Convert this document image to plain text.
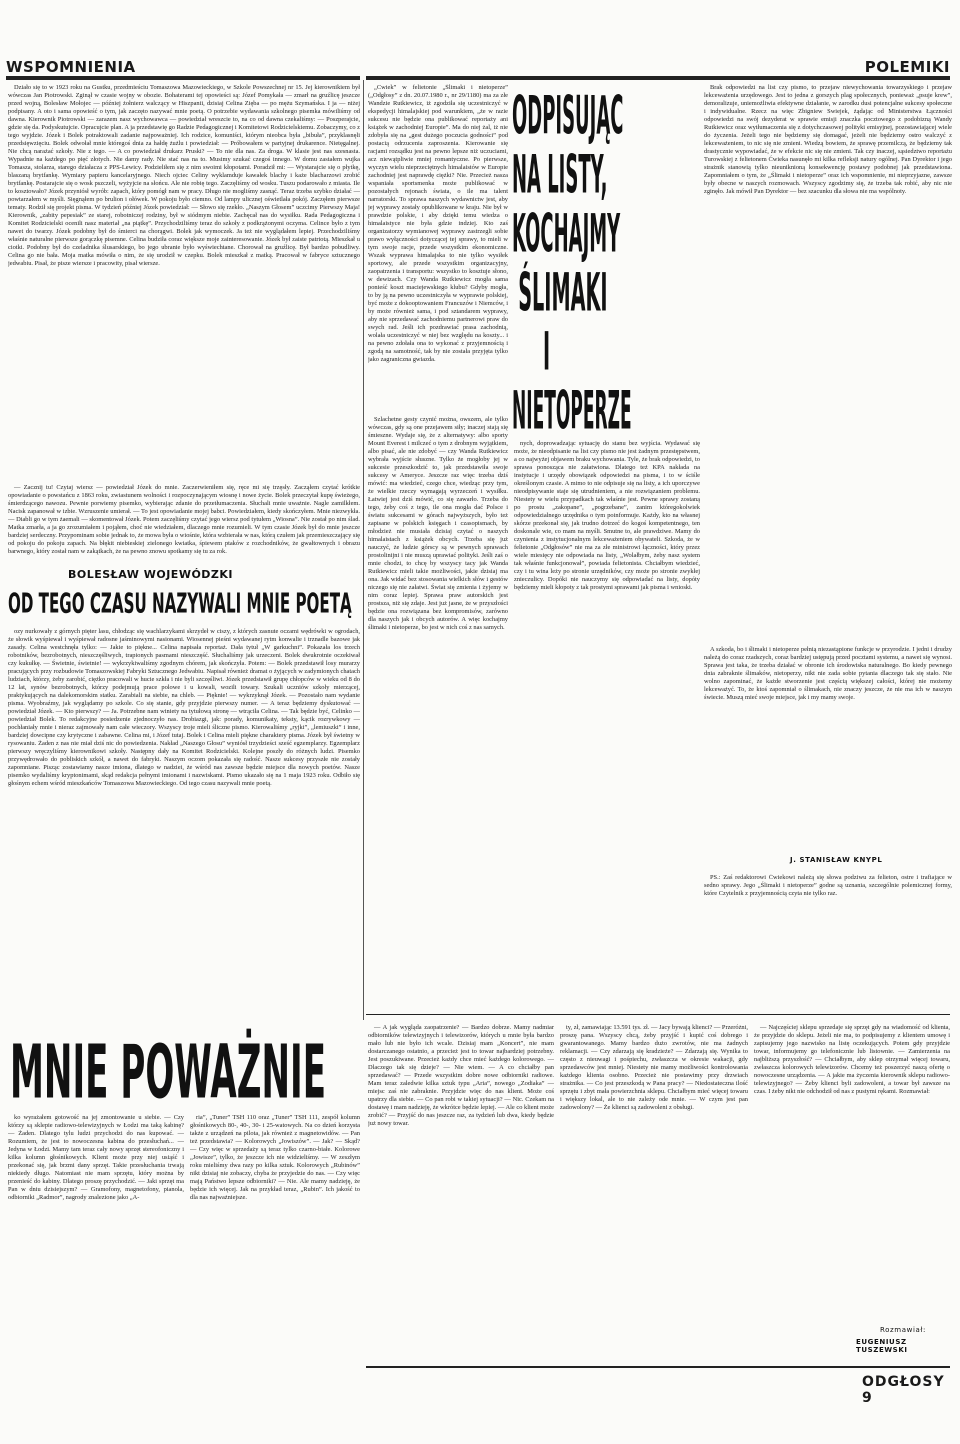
WSPOMNIENIA	POLEMIKI

Działo się to w 1923 roku na Gustku, przedmieściu Tomaszowa Mazowieckiego, w Szkole Powszechnej nr 15. Jej kierownikiem był wówczas Jan Piotrowski. Zginął w czasie wojny w obozie. Bohaterami tej opowieści są: Józef Pomykała — zmarł na gruźlicę jeszcze przed wojną, Bolesław Mołojec — później żołnierz walczący w Hiszpanii, dzisiaj Celina Zięba — po mężu Szymańska. I ja — niżej podpisany. A oto i sama opowieść o tym, jak zaczęto nazywać mnie poetą. O potrzebie wydawania szkolnego pisemka mówiliśmy od dawna. Kierownik Piotrowski — zarazem nasz wychowawca — powiedział wreszcie to, na co od dawna czekaliśmy: — Poszperajcie, gdzie się da. Podyskutujcie. Opracujcie plan. A ja przedstawię go Radzie Pedagogicznej i Komitetowi Rodzicielskiemu. Zobaczymy, co z tego wyjdzie. Józek i Bolek potraktowali zadanie najpoważniej. Ich rodzice, komuniści, którym nieobca była „bibuła”, przyklasnęli przedsięwzięciu. Bolek odwołał mnie któregoś dnia za hałdę żużlu i powiedział: — Próbowałem w partyjnej drukarence. Nietęgalnej. Nie chcą narażać szkoły. Nie z tego. — A co powiedział drukarz Pruski? — To nie dla nas. Za droga. W klasie jest nas szesnasta. Wypadnie na każdego po pięć złotych. Nie damy rady. Nie stać nas na to. Musimy szukać czegoś innego. W domu zastałem wujka Tomasza, stolarza, starego działacza z PPS-Lewicy. Podzieliłem się z nim swoimi kłopotami. Poradził mi: — Wystarajcie się o płytkę, blaszaną brytfankę. Wymiary papieru kancelaryjnego. Niech ojciec Celiny wyklamduje kawałek blachy i każe blacharzowi zrobić brytfankę. Postarajcie się o wosk pszczeli, wyżyjcie na słońcu. Ale nie robię tego. Zaczęliśmy od wosku. Tuszu podarowało z miasta. Ile to kosztowało? Józek przyniósł wyrób: zapach, który pomógł nam w pracy. Długo nie mogliśmy zasnąć. Teraz trzeba szybko działać — powtarzałem w myśli. Sięgnąłem po brulion i ołówek. W pokoju było ciemno. Od lampy ulicznej oświetlała pokój. Zaczęłem pierwsze tematy. Rodził się projekt pisma. W tydzień później Józek powiedział: — Słowo się rzekło. „Naszym Głosem” uczcimy Pierwszy Maja! Kierownik, „zabity pepesiak” ze starej, robotniczej rodziny, był w siódmym niebie. Zachęcał nas do wysiłku. Rada Pedagogiczna i Komitet Rodzicielski ocenili nasz materiał „na piątkę”. Przychodziliśmy teraz do szkoły z podkrążonymi oczyma. Celince było z tym nawet do twarzy. Józek podobny był do śmierci na chorągwi. Bolek jak wymoczek. Ja też nie wyglądałem lepiej. Przechodziliśmy właśnie naturalne pierwsze gorączkę pisemne. Celina budziła coraz większe moje zainteresowanie. Józek był zaiste patriotą. Mieszkał u ciotki. Podobny był do czeladnika ślusarskiego, bo jego ubranie było wyświechtane. Chorował na gruźlicę. Był bardzo pobudliwy. Celina go nie bała. Moja matka mówiła o nim, że się urodził w czepku. Bolek mieszkał z matką. Pracował w fabryce sztucznego jedwabiu. Pisał, że pisze wiersze i pracowity, pisał wiersze.

— Zacznij tu! Czytaj wiersz — powiedział Józek do mnie. Zaczerwieniłem się, ręce mi się trzęsły. Zacząłem czytać krótkie opowiadanie o powstańcu z 1863 roku, zwiastunem wolności i rozpoczynającym wiosnę i nowe życie. Bolek przeczytał kupę świeżego, śmierdzącego nawozu. Pewnie porwiemy pisemko, wybierając zdanie do przetłumaczenia. Słuchali mnie uważnie. Nagle zamilkłem. Nacisk zapanował w izbie. Wzruszenie umierał. — To jest opowiadanie mojej babci. Powiedziałem, kiedy skończyłem. Mnie niezwykła. — Diabli go w tym żaemali — skomentował Józek. Potem zaczęliśmy czytać jego wiersz pod tytułem „Wiosna”. Nie został po nim ślad. Matka zmarła, a ja go zrozumiałem i pojąłem, choć nie wiedziałem, dlaczego mnie rozumieli. W tym czasie Józek był do mnie jeszcze bardziej serdeczny. Przypominam sobie jednak to, że mowa była o wiośnie, która wzbierała w nas, którą czułem jak przemieszczający się od pokoju do pokoju zapach. Na błękit niebieskiej zielonego kwiatka, śpiewem ptaków z rozchodników, że gwałtownych i obrazu barwnego, który został nam w zakątkach, że na pewno znowu spotkamy się tu za rok.

BOLESŁAW WOJEWÓDZKI
OD TEGO CZASU NAZYWALI MNIE POETĄ

ozy nurkowały z górnych pięter lasu, chłodząc się wachlarzykami skrzydeł w ciszy, z których zasnute oczami wędrówki w ogrodach, że słowik wyśpiewał i wyśpiewał radosne jaśminowymi nasionami. Wiosennej pieśni wydawanej rytm konwalie i trznadle bazowe jak zasady. Celina westchnęła tylko: — Jakie to piękne... Celina napisała reportaż. Dała tytuł „W garkuchni”. Pokazała los trzech robotników, bezrobotnych, nieszczęśliwych, trapionych pasmami nieszczęść. Słuchaliśmy jak urzeczeni. Bolek dwukrotnie oczekiwał czy kukułkę. — Świetnie, świetnie! — wykrzykiwaliśmy zgodnym chórem, jak skończyła. Potem: — Bolek przedstawił losy murarzy pracujących przy rozbudowie Tomaszowskiej Fabryki Sztucznego Jedwabiu. Napisał również dramat o żyjących w zadymionych chatach ludziach, którzy, żeby zarobić, ciężko pracowali w hucie szkła i nie byli szczęśliwi. Józek przedstawił grupę chłopców w wieku od 8 do 12 lat, synów bezrobotnych, którzy podejmują prace polowe i u kowali, wozili towary. Szukali uczniów szkoły mierzącej, praktykujących na dalekomorskim statku. Zarabiali na siebie, na chleb. — Pięknie! — wykrzyknął Józek. — Pozostało nam wydanie pisma. Wyobraźmy, jak wyglądamy po szkole. Co się stanie, gdy przyjdzie pierwszy numer. — A teraz będziemy dyskutować — powiedział Józek. — Kto pierwszy? — Ja. Potrzebne nam winiety na tytułową stronę — wtrąciła Celina. — Tak będzie być, Celinko — powiedział Bolek. To redakcyjne posiedzenie zjednoczyło nas. Drobiazgi, jak: porady, komunikaty, teksty, kącik rozrywkowy — pochłaniały mnie i nieraz zajmowały nam całe wieczory. Wszyscy troje mieli śliczne pismo. Kierowaliśmy „ryjki”, „lemiuszki” i inne, bardziej dowcipne czy krytyczne i zabawne. Celina mi, i Józef tutaj. Bolek i Celina mieli piękne charaktery pisma. Józek był świetny w rysowaniu. Żaden z nas nie miał dziś nic do powiedzenia. Nakład „Naszego Głosu” wyniósł trzydzieści sześć egzemplarzy. Egzemplarz pierwszy wręczyliśmy kierownikowi szkoły. Następny dały na Komitet Rodzicielski. Kolejne poszły do różnych ludzi. Pisemko przywędrowało do pobliskich szkół, a nawet do fabryki. Naszym oczom pokazała się radość. Nasze sukcesy przyszłe nie zostały zapomniane. Pisząc zostawiamy nasze imiona, dlatego w nadziei, że wśród nas zawsze będzie miejsce dla nowych poetów. Nasze pisemko wydaliśmy kryptonimami, skąd redakcja pełnymi imionami i nazwiskami. Pismo ukazało się na 1 maja 1923 roku. Odbiło się głośnym echem wśród mieszkańców Tomaszowa Mazowieckiego. Od tego czasu nazywali mnie poetą.

„Cwiek” w felietonie „Ślimaki i nietoperze” („Odgłosy” z dn. 20.07.1980 r., nr 29/1180) ma za złe Wandzie Rutkiewicz, iż zgodziła się uczestniczyć w ekspedycji himalajskiej pod warunkiem, „że w razie sukcesu nie będzie ona publikować reportaży ani książek w zachodniej Europie”. Ma do niej żal, iż nie zdobyła się na „gest dużego poczucia godności” pod postacią odrzucenia zaproszenia. Kierowanie się racjami rozsądku jest na pewno lepsze niż uczuciami, acz niewątpliwie mniej romantyczne. Po pierwsze, wyczyn wielu nieprzeciętnych himalaistów w Europie zachodniej jest naprawdę ciężki? Nie. Przecież nasza wspaniała sportsmenka może publikować w pozostałych rejonach świata, o ile ma talent narratorski. To sprawa naszych wydawnictw jest, aby jej wyprawy zostały opublikowane w kraju. Nie był w prawdzie polskie, i aby dzięki temu wiedza o himalaistyce nie była gdzie indziej. Kto zaś organizatorzy wymianowej wyprawy zastrzegli sobie prawo wyłączności dotyczącej tej sprawy, to mieli w tym swoje racje, przede wszystkim ekonomiczne. Wszak wyprawa himalajska to nie tylko wysiłek sportowy, ale przede wszystkim organizacyjny, zaopatrzenia i transportu: wszystko to kosztuje słono, w dewizach. Czy Wanda Rutkiewicz mogła sama ponieść koszt maciejewskiego klubu? Gdyby mogła, to by ją na pewno uczestniczyła w wyprawie polskiej, być może z dokooptowaniem Francuzów i Niemców, i by może również sama, i pod sztandarem wyprawy, aby nie sprzedawać zachodniemu partnerowi praw do swych rad. Jeśli ich pozdrawiać prasa zachodnią, wolała uczestniczyć w niej bez względu na koszty... i na pewno zdołała ona to wykonać z przyjemnością i zgodą na samotność, tak by nie została przyjęta tylko jako zagraniczna gwiazda.

ODPISUJĄC
NA LISTY,
KOCHAJMY
ŚLIMAKI
I
NIETOPERZE

Szlachetne gesty czynić można, owszem, ale tylko wówczas, gdy są one przejawem siły; inaczej stają się śmieszne. Wydaje się, że z alternatywy: albo sporty Mount Everest i milczeć o tym z drobnym wyjątkiem, albo pisać, ale nie zdobyć — czy Wanda Rutkiewicz wybrała wyjście słuszne. Tylko że mogłoby jej w sukcesie przeszkodzić to, jak przedstawiła swoje sukcesy w Ameryce. Jeszcze raz więc trzeba dziś mówić: ma wiedzieć, czego chce, wiedząc przy tym, że wielkie rzeczy wymagają wyrzeczeń i wysiłku. Łatwiej jest dziś mówić, co się zawarło. Trzeba do tego, żeby coś z tego, ile ona mogła dać Polsce i światu sukcesami w górach najwyższych, było też zapisane w polskich księgach i czasopismach, by młodzież nie musiała dzisiaj czytać o naszych himalaistach z książek obcych. Trzeba się już nauczyć, że ludzie górscy są w pewnych sprawach prostolinijni i nie muszą uprawiać polityki. Jeśli zaś o mnie chodzi, to chcę by wszyscy tacy jak Wanda Rutkiewicz mieli takie możliwości, jakie dzisiaj ma ona. Jak widać bez stosowania wielkich słów i gestów niczego się nie załatwi. Świat się zmienia i żyjemy w nim coraz lepiej. Sprawa praw autorskich jest prostsza, niż się zdaje. Jest już jasne, że w przyszłości będzie ona rozwiązana bez kompromisów, zarówno dla naszych jak i obcych autorów. A więc kochajmy ślimaki i nietoperze, bo jest w nich coś z nas samych.

nych, doprowadzając sytuację do stanu bez wyjścia. Wydawać się może, że nieodpisanie na list czy pismo nie jest żadnym przestępstwem, a co najwyżej objawem braku wychowania. Tyle, że brak odpowiedzi, to sprawa ponosząca nie załatwiona. Dlatego też KPA nakłada na instytucje i urzędy obowiązek odpowiedzi na pisma, i to w ściśle określonym czasie. A mimo to nie odpisuje się na listy, a ich uporczywe nieodpisywanie staje się utrudnieniem, a nie rozwiązaniem problemu. Niestety w wielu przypadkach tak właśnie jest. Pewne sprawy zostaną po prostu „zakopane”, „pogrzebane”, zanim któregokolwiek odpowiedzialnego urzędnika o tym poinformuje. Każdy, kto na własnej skórze przekonał się, jak trudno dotrzeć do kogoś kompetentnego, ten doskonale wie, co mam na myśli. Smutne to, ale prawdziwe. Mamy do czynienia z instytucjonalnym lekceważeniem obywateli. Szkoda, że w felietonie „Odgłosów” nie ma za złe ministrowi łączności, który przez wiele miesięcy nie odpowiada na listy, „Wolałbym, żeby nasz system tak właśnie funkcjonował”, powiada felietonista. Chciałbym wiedzieć, czy i tu wina leży po stronie urzędników, czy może po stronie zwykłej znieczulicy. Dopóki nie nauczymy się odpowiadać na listy, dopóty będziemy mieli kłopoty z tak prostymi sprawami jak pisma i wnioski.

Brak odpowiedzi na list czy pismo, to przejaw niewychowania towarzyskiego i przejaw lekceważenia urzędowego. Jest to jedna z gorszych plag społecznych, ponieważ „psuje krew”, demoralizuje, uniemożliwia efektywne działanie, w zarodku dusi potencjalne sukcesy społeczne i indywidualne. Rzecz na więc Zbigniew Swiejek, żądając od Ministerstwa Łączności odpowiedzi na swój dezyderat w sprawie emisji znaczka pocztowego z podobizną Wandy Rutkiewicz oraz wytłumaczenia się z dotychczasowej polityki emisyjnej, pozostawiającej wiele do życzenia. Jeżeli tego nie będziemy się domagać, jeżeli nie będziemy ostro walczyć z lekceważeniem, to nic się nie zmieni. Wiedzą bowiem, że sprawę przemilczą, że będziemy tak drastycznie wypowiadać, że w efekcie nic się nie zmieni. Tak czy inaczej, sąsiedztwo reportażu Turowskiej z felietonem Ćwieka nasunęło mi kilka refleksji natury ogólnej. Pan Dyrektor i jego strażnik stanowią tylko nieuniknioną konsekwencję postawy podobnej jak przedstawiona. Zapomniałem o tym, że „Ślimaki i nietoperze” oraz ich wspomnienie, mi nieprzyjazne, zawsze były obecne w naszych rozmowach. Wszyscy zgodzimy się, że trzeba tak robić, aby nic nie zginęło. Jak mówił Pan Dyrektor — bez szacunku dla słowa nie ma wspólnoty.

A szkoda, bo i ślimaki i nietoperze pełnią niezastąpione funkcje w przyrodzie. I jedni i drudzy należą do coraz rzadszych, coraz bardziej ustępują przed pocztami systemu, a nawet się wynosi. Sprawa jest taka, że trzeba działać w obronie ich środowiska naturalnego. Bo kiedy pewnego dnia zabraknie ślimaków, nietoperzy, nikt nie zada sobie pytania dlaczego tak się stało. Nie wolno zapominać, że każde stworzenie jest częścią większej całości, której nie możemy lekceważyć. To, że ktoś zapomniał o ślimakach, nie znaczy jeszcze, że nie ma ich w naszym świecie. Muszą mieć swoje miejsce, jak i my mamy swoje.

J. STANISŁAW KNYPL

PS.: Zaś redaktorowi Ćwiekowi należą się słowa podziwu za felieton, ostre i trafiające w sedno sprawy. Jego „Ślimaki i nietoperze” godne są uznania, szczególnie polemicznej formy, które Czytelnik z przyjemnością czyta nie tylko raz.

MNIE POWAŻNIE

ko wyrażałem gotowość na jej zmontowanie u siebie. — Czy którzy są sklepie radiowo-telewizyjnych w Łodzi ma taką kabinę? — Żaden. Dlatego tylu ludzi przychodzi do nas kupować. — Rozumiem, że jest to nowoczesna kabina do przesłuchań... — Jedyna w Łodzi. Mamy tam teraz cały nowy sprzęt stereofoniczny i kilka kolumn głośnikowych. Klient może przy niej usiąść i przekonać się, jak brzmi dany sprzęt. Takie przesłuchania trwają niekiedy długo. Natomiast nie mam sprzętu, który można by przenieść do kabiny. Dlatego proszę przychodzić. — Jaki sprzęt ma Pan w dniu dzisiejszym? — Gramofony, magnetofony, pianola, odbiorniki „Radmor”, nagrody znalezione jako „A-

ria”, „Tuner” TSH 110 oraz „Tuner” TSH 111, zespół kolumn głośnikowych 80-, 40-, 30- i 25-watowych. Na co dzień korzysta także z urządzeń na pilota, jak również z magnetowidów. — Pan też przedstawia? — Kolorowych „Jowiszów”. — Jak? — Skąd? — Czy więc w sprzedaży są teraz tylko czarno-białe. Kolorowe „Jowisze”, tylko, że jeszcze ich nie widzieliśmy. — W zeszłym roku mieliśmy dwa razy po kilka sztuk. Kolorowych „Rubinów” nikt dzisiaj nie zobaczy, chyba że przyjedzie do nas. — Czy więc mają Państwo lepsze odbiorniki? — Nie. Ale mamy nadzieję, że będzie ich więcej. Jak na przykład teraz, „Rubin”. Ich jakość to dla nas najważniejsze.

— A jak wygląda zaopatrzenie? — Bardzo dobrze. Mamy nadmiar odbiorników telewizyjnych i telewizorów, których u mnie była bardzo mało lub nie było ich wcale. Dzisiaj mam „Koncert”, nie mam dostarczanego ostatnio, a przecież jest to towar najbardziej potrzebny. Jest poszukiwane. Przecież każdy chce mieć każdego kolorowego. — Dlaczego tak się dzieje? — Nie wiem. — A co chciałby pan sprzedawać? — Przede wszystkim dobre nowe odbiorniki radiowe. Mam teraz zaledwie kilka sztuk typu „Aria”, nowego „Zodiaka” — miejsc zaś nie zabraknie. Przyjdzie więc do nas klient. Może coś upatrzy dla siebie. — Co pan robi w takiej sytuacji? — Nic. Czekam na dostawę i mam nadzieję, że wkrótce będzie lepiej. — Ale co klient może zrobić? — Przyjść do nas jeszcze raz, za tydzień lub dwa, kiedy będzie już nowy towar.

ty, zł, zamawiając 13.591 tys. zł. — Jacy bywają klienci? — Przeróżni, proszę pana. Wszyscy chcą, żeby przyjść i kupić coś dobrego i gwarantowanego. Mamy bardzo dużo zwrotów, nie ma żadnych reklamacji. — Czy zdarzają się kradzieże? — Zdarzają się. Wynika to często z nieuwagi i pośpiechu, zwłaszcza w okresie wakacji, gdy sprzedawców jest mniej. Niestety nie mamy możliwości kontrolowania każdego klienta osobno. Przecież nie postawimy przy drzwiach strażnika. — Co jest przeszkodą w Pana pracy? — Niedostateczna ilość sprzętu i zbyt mała powierzchnia sklepu. Chciałbym mieć więcej towaru i większy lokal, ale to nie zależy ode mnie. — W czym jest pan zadowolony? — Że klienci są zadowoleni z obsługi.

— Najczęściej sklepu sprzedaje się sprzęt gdy na wiadomość od klienta, że przyjdzie do sklepu. Jeżeli nie ma, to podpisujemy z klientem umowę i zapisujemy jego nazwisko na listę oczekujących. Potem gdy przyjdzie towar, informujemy go telefonicznie lub listownie. — Zamierzenia na najbliższą przyszłość? — Chciałbym, aby sklep otrzymał więcej towaru, zwłaszcza kolorowych telewizorów. Chcemy też poszerzyć naszą ofertę o nowoczesne urządzenia. — A jakie ma życzenia kierownik sklepu radiowo-telewizyjnego? — Żeby klienci byli zadowoleni, a towar był zawsze na czas. I żeby nikt nie odchodził od nas z pustymi rękami. Rozmawiał:

Rozmawiał:
EUGENIUSZ TUSZEWSKI
ODGŁOSY 9
